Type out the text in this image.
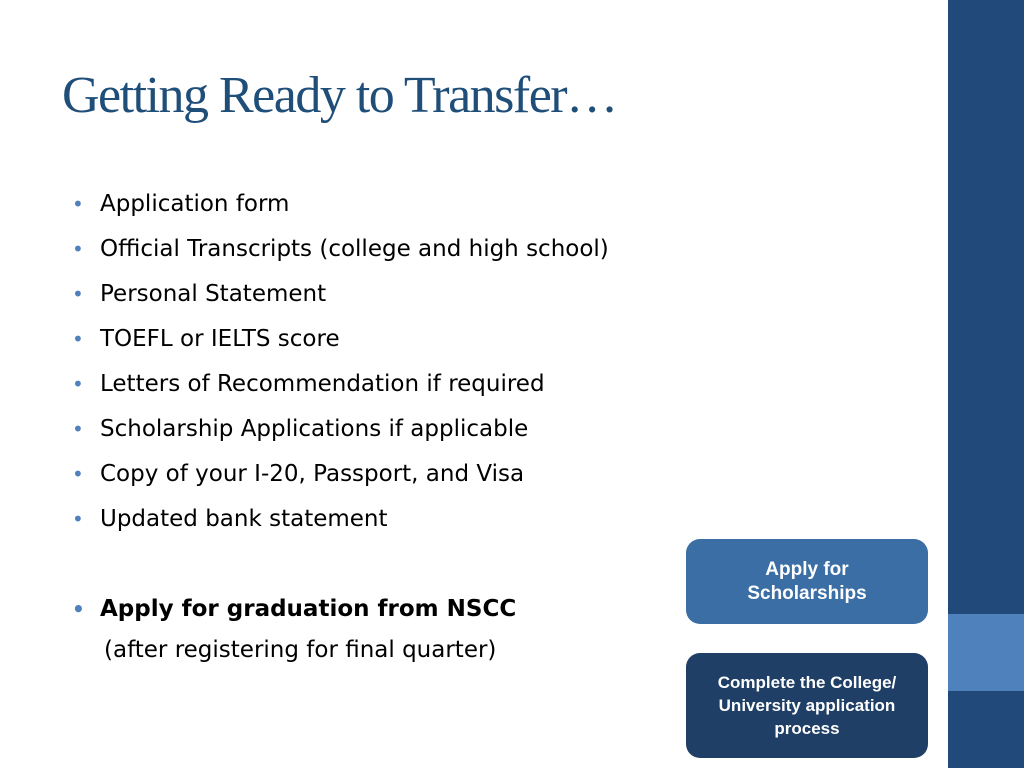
Getting Ready to Transfer…
• Application form
• Official Transcripts (college and high school)
• Personal Statement
• TOEFL or IELTS score
• Letters of Recommendation if required
• Scholarship Applications if applicable
• Copy of your I-20, Passport, and Visa
• Updated bank statement
• Apply for graduation from NSCC
(after registering for final quarter)
Apply for Scholarships
Complete the College/ University application process
